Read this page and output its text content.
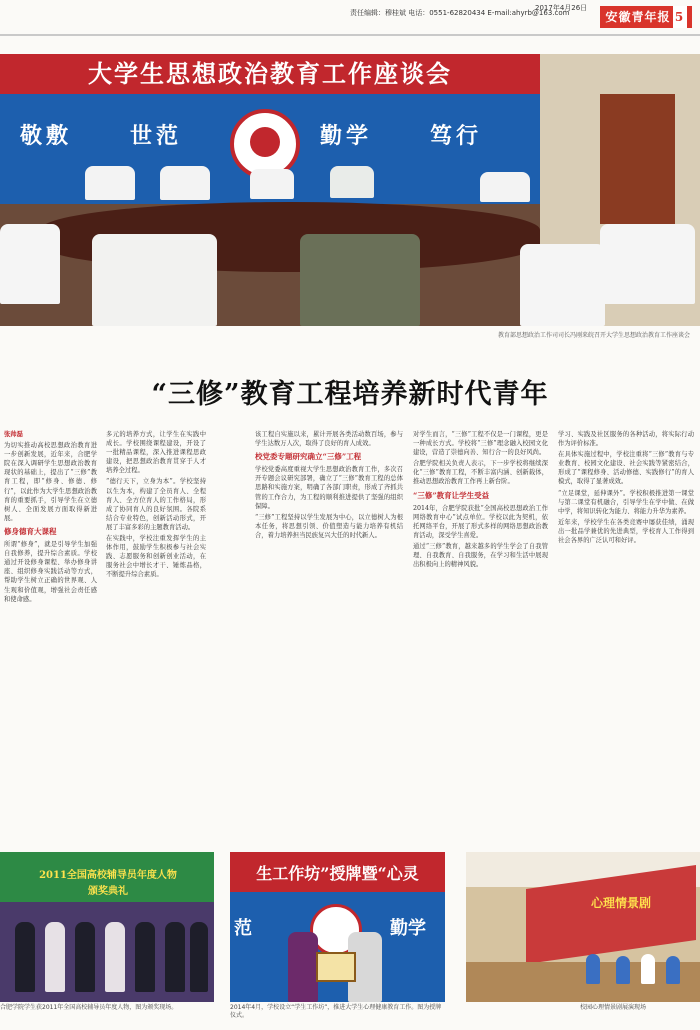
2017年4月26日
责任编辑：穆桂斌 电话：0551-62820434 E-mail:ahyrb@163.com	安徽青年报 5
大学生思想政治教育工作座谈会
敬敷	世范	勤学	笃行
教育部思想政治工作司司长冯刚来皖召开大学生思想政治教育工作座谈会
“三修”教育工程培养新时代青年

张帅磊

为切实推动高校思想政治教育进一步创新发展，近年来，合肥学院在深入调研学生思想政治教育现状的基础上，提出了“三修”教育工程，即“修身、修德、修行”，以此作为大学生思想政治教育的重要抓手，引导学生在立德树人、全面发展方面取得新进展。

修身德育大课程

所谓“修身”，就是引导学生加强自我修养，提升综合素质。学校通过开设修身课程、举办修身讲座、组织修身实践活动等方式，帮助学生树立正确的世界观、人生观和价值观，增强社会责任感和使命感。

多元的培养方式，让学生在实践中成长。学校围绕课程建设，开设了一批精品课程，深入推进课程思政建设，把思想政治教育贯穿于人才培养全过程。

“德行天下，立身为本”。学校坚持以生为本，构建了全员育人、全程育人、全方位育人的工作格局，形成了协同育人的良好氛围。各院系结合专业特色，创新活动形式，开展了丰富多彩的主题教育活动。

在实践中，学校注重发挥学生的主体作用，鼓励学生积极参与社会实践、志愿服务和创新创业活动，在服务社会中增长才干、锤炼品格，不断提升综合素质。

该工程自实施以来，累计开展各类活动数百场，参与学生达数万人次，取得了良好的育人成效。

校党委专题研究确立“三修”工程

学校党委高度重视大学生思想政治教育工作，多次召开专题会议研究部署，确立了“三修”教育工程的总体思路和实施方案，明确了各部门职责，形成了齐抓共管的工作合力，为工程的顺利推进提供了坚强的组织保障。

“三修”工程坚持以学生发展为中心，以立德树人为根本任务，将思想引领、价值塑造与能力培养有机结合，着力培养担当民族复兴大任的时代新人。

对学生而言，“三修”工程不仅是一门课程，更是一种成长方式。学校将“三修”理念融入校园文化建设，营造了崇德向善、知行合一的良好风尚。

合肥学院相关负责人表示，下一步学校将继续深化“三修”教育工程，不断丰富内涵、创新载体，推动思想政治教育工作再上新台阶。

“三修”教育让学生受益

2014年，合肥学院获批“全国高校思想政治工作网络教育中心”试点单位。学校以此为契机，依托网络平台，开展了形式多样的网络思想政治教育活动，深受学生喜爱。

通过“三修”教育，越来越多的学生学会了自我管理、自我教育、自我服务，在学习和生活中展现出积极向上的精神风貌。

学习、实践及社区服务的各种活动，将实际行动作为评价标准。

在具体实施过程中，学校注重将“三修”教育与专业教育、校园文化建设、社会实践等紧密结合，形成了“课程修身、活动修德、实践修行”的育人模式，取得了显著成效。

“立足课堂，延伸课外”。学校积极推进第一课堂与第二课堂有机融合，引导学生在学中做、在做中学，将知识转化为能力、将能力升华为素养。

近年来，学校学生在各类竞赛中屡获佳绩，涌现出一批品学兼优的先进典型，学校育人工作得到社会各界的广泛认可和好评。

2011全国高校辅导员年度人物
颁奖典礼
生工作坊”授牌暨“心灵
范	勤学
心理情景剧
合肥学院学生获2011年全国高校辅导员年度人物，图为颁奖现场。	2014年4月，学校设立“学生工作坊”，推进大学生心理健康教育工作。图为授牌仪式。
校园心理情景剧展演现场
